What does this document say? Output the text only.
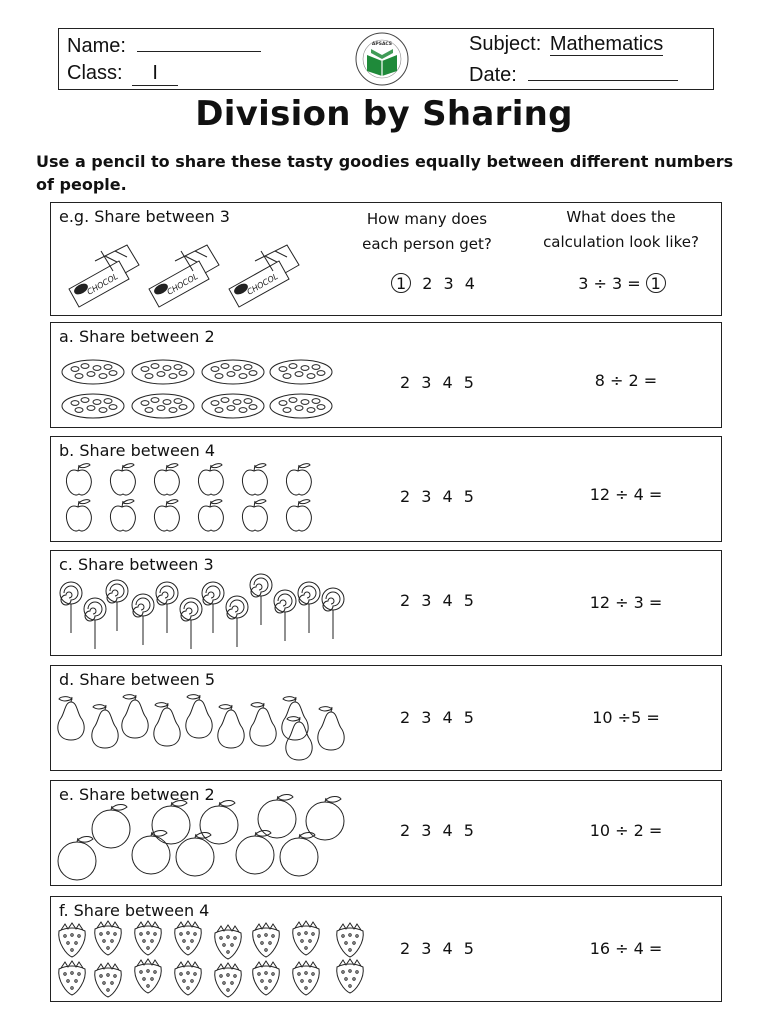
Name:
Class: I
APSACS	Subject: Mathematics
Date:
Division by Sharing
Use a pencil to share these tasty goodies equally between different numbers of people.
e.g. Share between 3	How many does
each person get?
What does the
calculation look like?
1 2 3 4	3 ÷ 3 = 1
CHOCOL	CHOCOL	CHOCOL
a. Share between 2
2 3 4 5	8 ÷ 2 =
b. Share between 4
2 3 4 5	12 ÷ 4 =
c. Share between 3
2 3 4 5	12 ÷ 3 =
d. Share between 5
2 3 4 5	10 ÷5 =
e. Share between 2
2 3 4 5	10 ÷ 2 =
f. Share between 4
2 3 4 5	16 ÷ 4 =
